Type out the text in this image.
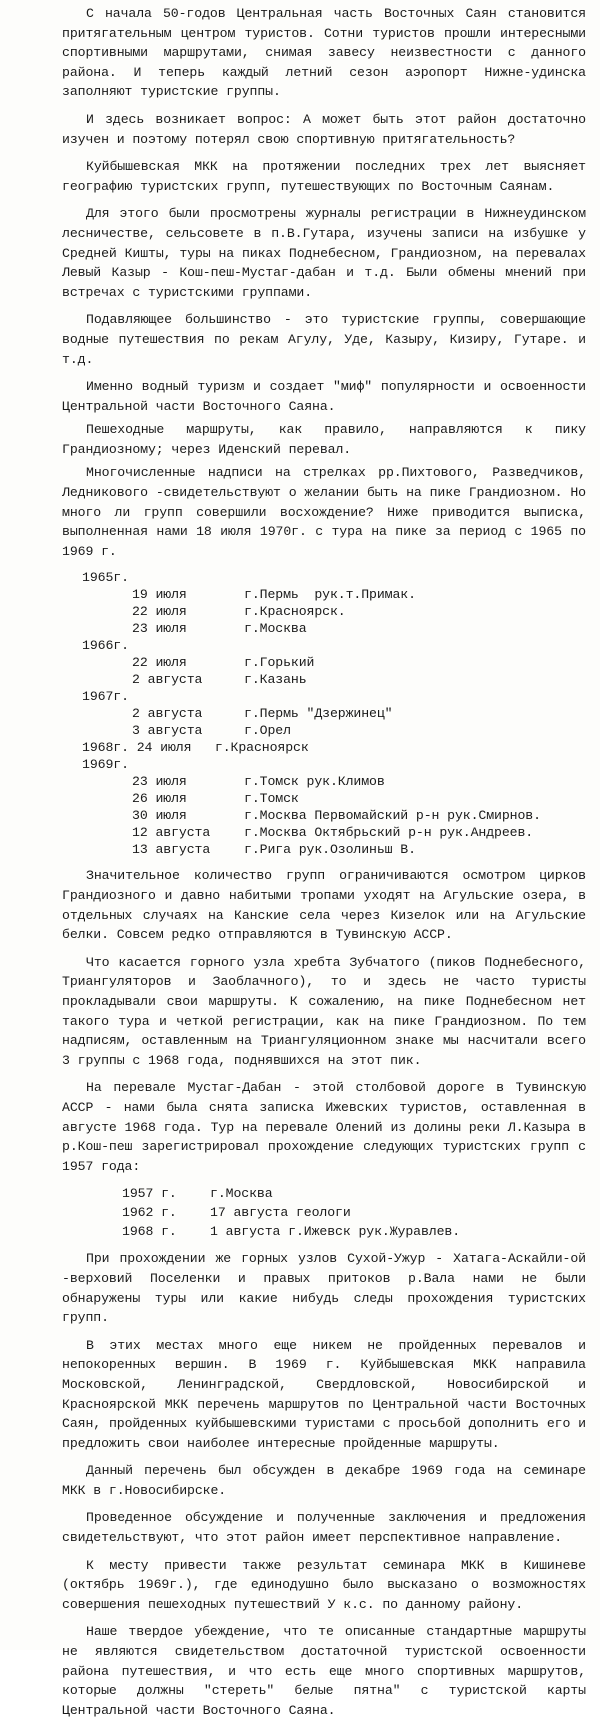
С начала 50-годов Центральная часть Восточных Саян становится притягательным центром туристов. Сотни туристов прошли интересными спортивными маршрутами, снимая завесу неизвестности с данного района. И теперь каждый летний сезон аэропорт Нижне-удинска заполняют туристские группы.

И здесь возникает вопрос: А может быть этот район достаточно изучен и поэтому потерял свою спортивную притягательность?

Куйбышевская МКК на протяжении последних трех лет выясняет географию туристских групп, путешествующих по Восточным Саянам.

Для этого были просмотрены журналы регистрации в Нижнеудинском лесничестве, сельсовете в п.В.Гутара, изучены записи на избушке у Средней Кишты, туры на пиках Поднебесном, Грандиозном, на перевалах Левый Казыр - Кош-пеш-Мустаг-дабан и т.д. Были обмены мнений при встречах с туристскими группами.

Подавляющее большинство - это туристские группы, совершающие водные путешествия по рекам Агулу, Уде, Казыру, Кизиру, Гутаре. и т.д.

Именно водный туризм и создает "миф" популярности и освоенности Центральной части Восточного Саяна.

Пешеходные маршруты, как правило, направляются к пику Грандиозному; через Иденский перевал.

Многочисленные надписи на стрелках рр.Пихтового, Разведчиков, Ледникового -свидетельствуют о желании быть на пике Грандиозном. Но много ли групп совершили восхождение? Ниже приводится выписка, выполненная нами 18 июля 1970г. с тура на пике за период с 1965 по 1969 г.

1965г.
19 июля	г.Пермь  рук.т.Примак.
22 июля	г.Красноярск.
23 июля	г.Москва
1966г.
22 июля	г.Горький
2 августа	г.Казань
1967г.
2 августа	г.Пермь "Дзержинец"
3 августа	г.Орел
1968г. 24 июля г.Красноярск
1969г.
23 июля	г.Томск рук.Климов
26 июля	г.Томск
30 июля	г.Москва Первомайский р-н рук.Смирнов.
12 августа	г.Москва Октябрьский р-н рук.Андреев.
13 августа	г.Рига рук.Озолиньш В.

Значительное количество групп ограничиваются осмотром цирков Грандиозного и давно набитыми тропами уходят на Агульские озера, в отдельных случаях на Канские села через Кизелок или на Агульские белки. Совсем редко отправляются в Тувинскую АССР.

Что касается горного узла хребта Зубчатого (пиков Поднебесного, Триангуляторов и Заоблачного), то и здесь не часто туристы прокладывали свои маршруты. К сожалению, на пике Поднебесном нет такого тура и четкой регистрации, как на пике Грандиозном. По тем надписям, оставленным на Триангуляционном знаке мы насчитали всего 3 группы с 1968 года, поднявшихся на этот пик.

На перевале Мустаг-Дабан - этой столбовой дороге в Тувинскую АССР - нами была снята записка Ижевских туристов, оставленная в августе 1968 года. Тур на перевале Олений из долины реки Л.Казыра в р.Кош-пеш зарегистрировал прохождение следующих туристских групп с 1957 года:

1957 г.	г.Москва
1962 г.	17 августа геологи
1968 г.	1 августа г.Ижевск рук.Журавлев.

При прохождении же горных узлов Сухой-Ужур - Хатага-Аскайли-ой -верховий Поселенки и правых притоков р.Вала нами не были обнаружены туры или какие нибудь следы прохождения туристских групп.

В этих местах много еще никем не пройденных перевалов и непокоренных вершин. В 1969 г. Куйбышевская МКК направила Московской, Ленинградской, Свердловской, Новосибирской и Красноярской МКК перечень маршрутов по Центральной части Восточных Саян, пройденных куйбышевскими туристами с просьбой дополнить его и предложить свои наиболее интересные пройденные маршруты.

Данный перечень был обсужден в декабре 1969 года на семинаре МКК в г.Новосибирске.

Проведенное обсуждение и полученные заключения и предложения свидетельствуют, что этот район имеет перспективное направление.

К месту привести также результат семинара МКК в Кишиневе (октябрь 1969г.), где единодушно было высказано о возможностях совершения пешеходных путешествий У к.с. по данному району.

Наше твердое убеждение, что те описанные стандартные маршруты не являются свидетельством достаточной туристской освоенности района путешествия, и что есть еще много спортивных маршрутов, которые должны "стереть" белые пятна" с туристской карты Центральной части Восточного Саяна.
